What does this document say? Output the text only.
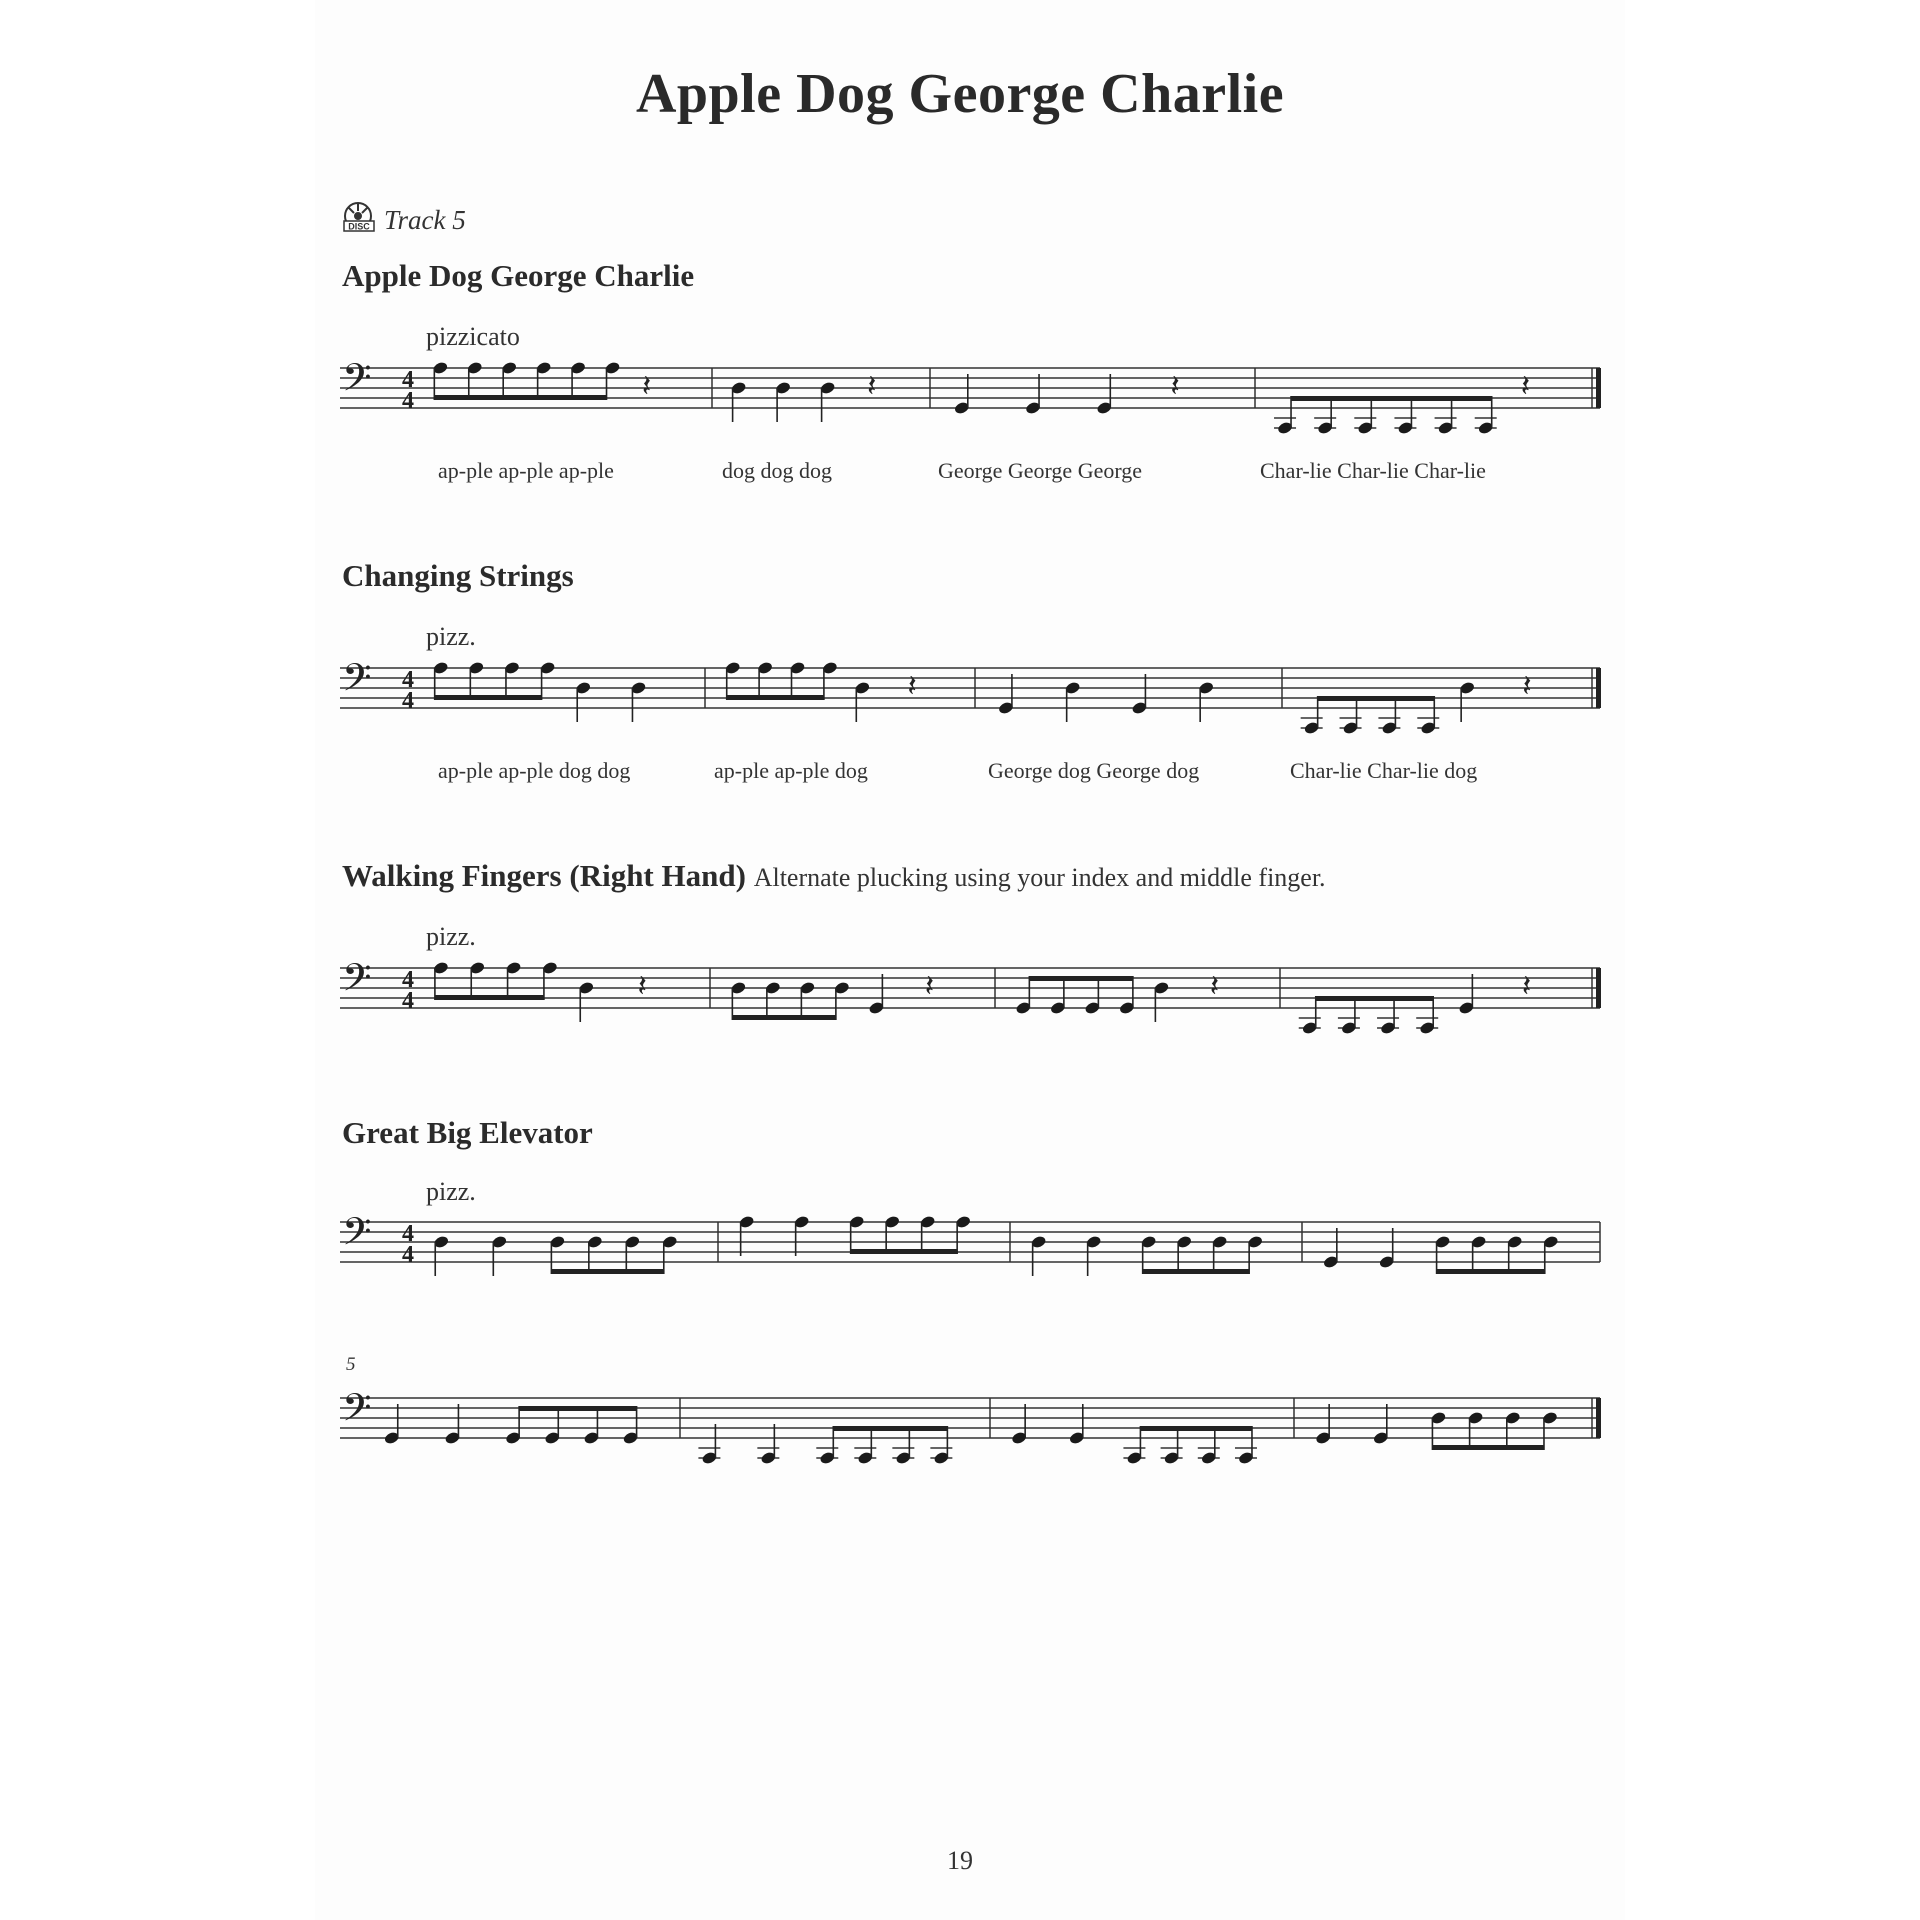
Apple Dog George Charlie
DISC Track 5
Apple Dog George Charlie
pizzicato
𝄢 4
4	𝄽	𝄽	𝄽	𝄽
ap-ple ap-ple ap-ple	dog dog dog	George George George	Char-lie Char-lie Char-lie
Changing Strings
pizz.
𝄢 4
4	𝄽	𝄽
ap-ple ap-ple dog dog	ap-ple ap-ple dog	George dog George dog	Char-lie Char-lie dog
Walking Fingers (Right Hand) Alternate plucking using your index and middle finger.
pizz.
𝄢 4
4	𝄽	𝄽	𝄽	𝄽
Great Big Elevator
pizz.
𝄢 4
4
5
𝄢
19
